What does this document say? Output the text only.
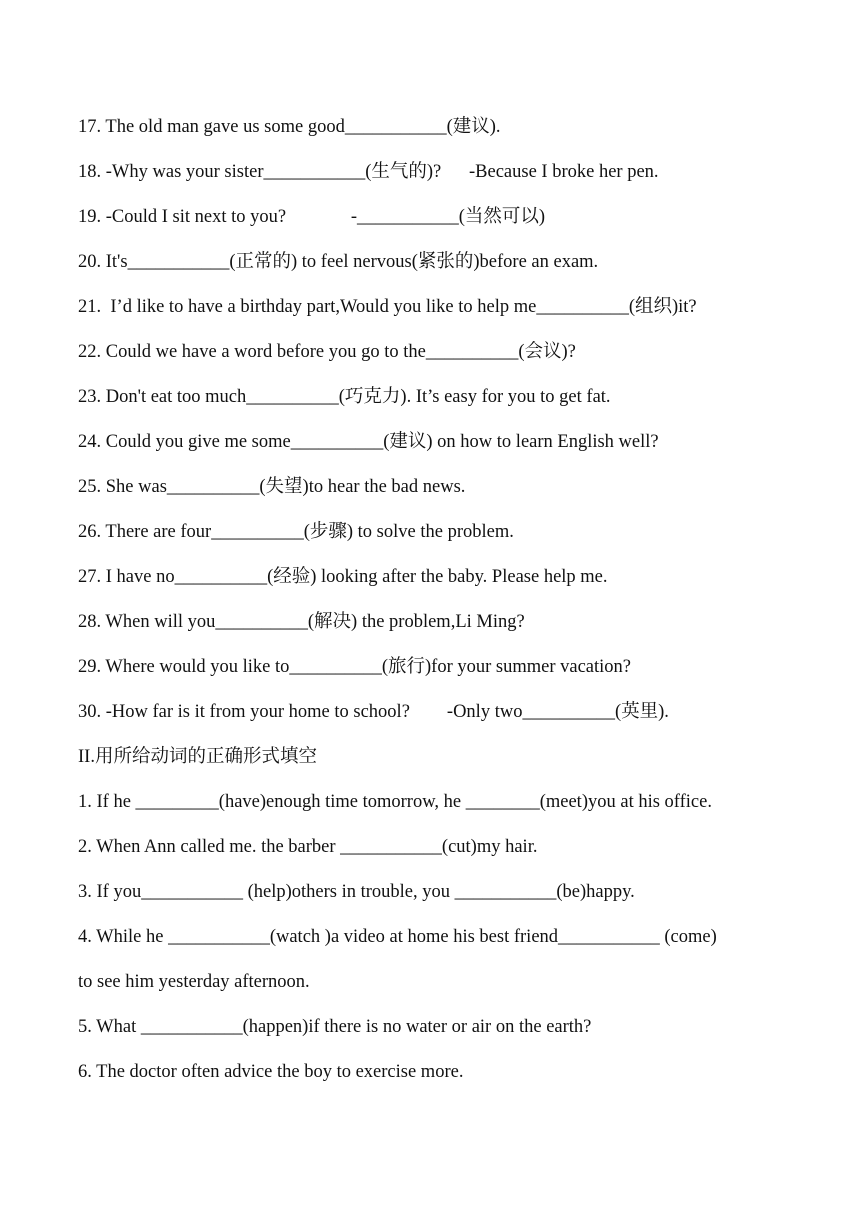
17. The old man gave us some good___________(建议).
18. -Why was your sister___________(生气的)?      -Because I broke her pen.
19. -Could I sit next to you?              -___________(当然可以)
20. It's___________(正常的) to feel nervous(紧张的)before an exam.
21.  I’d like to have a birthday part,Would you like to help me__________(组织)it?
22. Could we have a word before you go to the__________(会议)?
23. Don't eat too much__________(巧克力). It’s easy for you to get fat.
24. Could you give me some__________(建议) on how to learn English well?
25. She was__________(失望)to hear the bad news.
26. There are four__________(步骤) to solve the problem.
27. I have no__________(经验) looking after the baby. Please help me.
28. When will you__________(解决) the problem,Li Ming?
29. Where would you like to__________(旅行)for your summer vacation?
30. -How far is it from your home to school?        -Only two__________(英里).
II.用所给动词的正确形式填空
1. If he _________(have)enough time tomorrow, he ________(meet)you at his office.
2. When Ann called me. the barber ___________(cut)my hair.
3. If you___________ (help)others in trouble, you ___________(be)happy.
4. While he ___________(watch )a video at home his best friend___________ (come)
to see him yesterday afternoon.
5. What ___________(happen)if there is no water or air on the earth?
6. The doctor often advice the boy to exercise more.
